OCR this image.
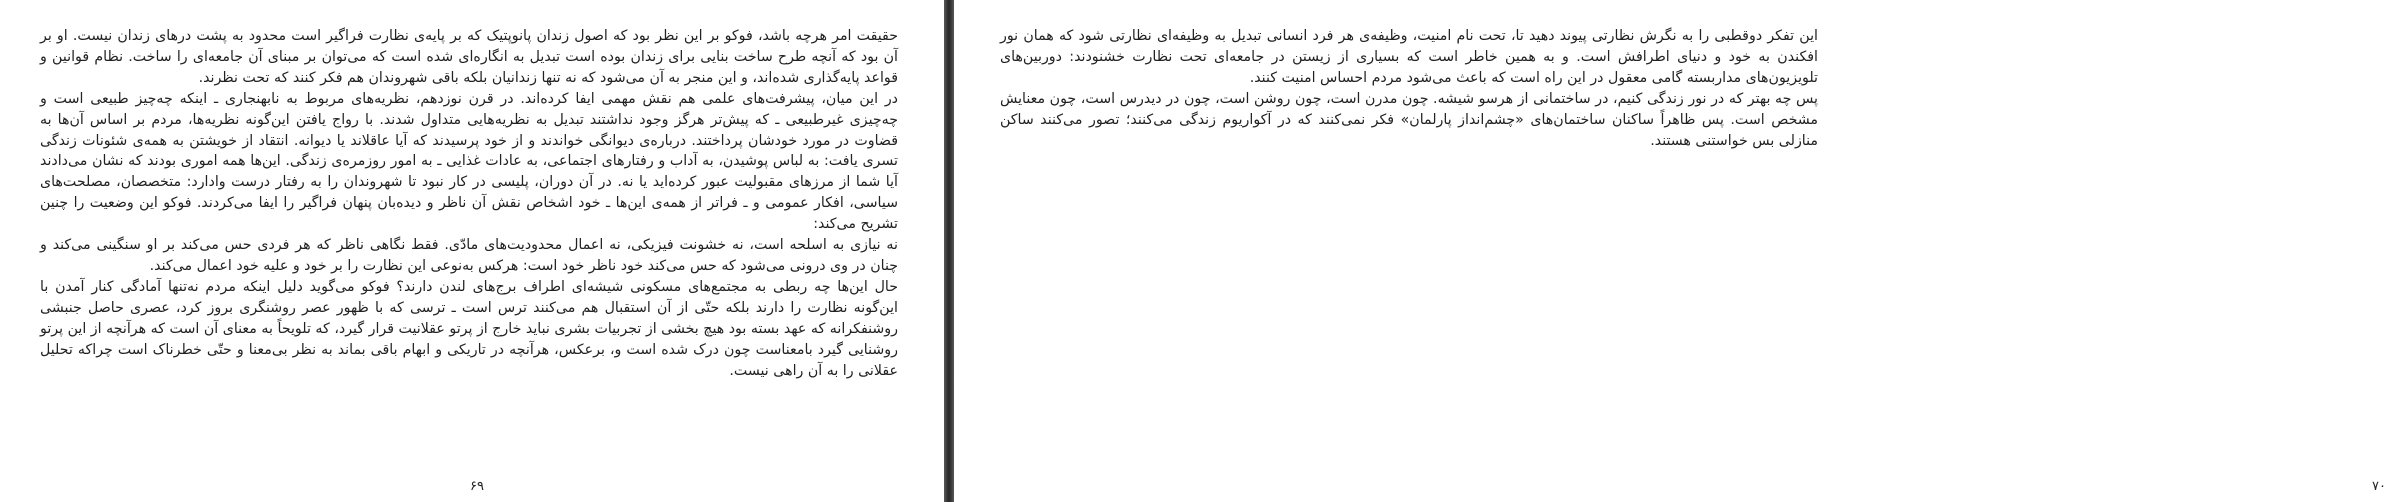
حقیقت امر هرچه باشد، فوکو بر این نظر بود که اصول زندان پانوپتیک که بر پایه‌ی نظارت فراگیر است محدود به پشت درهای زندان نیست. او بر آن بود که آنچه طرح ساخت بنایی برای زندان بوده است تبدیل به انگاره‌ای شده است که می‌توان بر مبنای آن جامعه‌ای را ساخت. نظام قوانین و قواعد پایه‌گذاری شده‌اند، و این منجر به آن می‌شود که نه تنها زندانیان بلکه باقی شهروندان هم فکر کنند که تحت نظرند.

در این میان، پیشرفت‌های علمی هم نقش مهمی ایفا کرده‌اند. در قرن نوزدهم، نظریه‌های مربوط به نابهنجاری ـ اینکه چه‌چیز طبیعی است و چه‌چیزی غیرطبیعی ـ که پیش‌تر هرگز وجود نداشتند تبدیل به نظریه‌هایی متداول شدند. با رواج یافتن این‌گونه نظریه‌ها، مردم بر اساس آن‌ها به قضاوت در مورد خودشان پرداختند. درباره‌ی دیوانگی خواندند و از خود پرسیدند که آیا عاقلاند یا دیوانه. انتقاد از خویشتن به همه‌ی شئونات زندگی تسری یافت: به لباس پوشیدن، به آداب و رفتارهای اجتماعی، به عادات غذایی ـ به امور روزمره‌ی زندگی. این‌ها همه اموری بودند که نشان می‌دادند آیا شما از مرزهای مقبولیت عبور کرده‌اید یا نه. در آن دوران، پلیسی در کار نبود تا شهروندان را به رفتار درست وادارد: متخصصان، مصلحت‌های سیاسی، افکار عمومی و ـ فراتر از همه‌ی این‌ها ـ خود اشخاص نقش آن ناظر و دیده‌بان پنهان فراگیر را ایفا می‌کردند. فوکو این وضعیت را چنین تشریح می‌کند:

نه نیازی به اسلحه است، نه خشونت فیزیکی، نه اعمال محدودیت‌های مادّی. فقط نگاهی ناظر که هر فردی حس می‌کند بر او سنگینی می‌کند و چنان در وی درونی می‌شود که حس می‌کند خود ناظر خود است: هرکس به‌نوعی این نظارت را بر خود و علیه خود اعمال می‌کند.

حال این‌ها چه ربطی به مجتمع‌های مسکونی شیشه‌ای اطراف برج‌های لندن دارند؟ فوکو می‌گوید دلیل اینکه مردم نه‌تنها آمادگی کنار آمدن با این‌گونه نظارت را دارند بلکه حتّی از آن استقبال هم می‌کنند ترس است ـ ترسی که با ظهور عصر روشنگری بروز کرد، عصری حاصل جنبشی روشنفکرانه که عهد بسته بود هیچ بخشی از تجربیات بشری نباید خارج از پرتو عقلانیت قرار گیرد، که تلویحاً به معنای آن است که هرآنچه از این پرتو روشنایی گیرد بامعناست چون درک شده است و، برعکس، هرآنچه در تاریکی و ابهام باقی بماند به نظر بی‌معنا و حتّی خطرناک است چراکه تحلیل عقلانی را به آن راهی نیست.

۶۹

این تفکر دوقطبی را به نگرش نظارتی پیوند دهید تا، تحت نام امنیت، وظیفه‌ی هر فرد انسانی تبدیل به وظیفه‌ای نظارتی شود که همان نور افکندن به خود و دنیای اطرافش است. و به همین خاطر است که بسیاری از زیستن در جامعه‌ای تحت نظارت خشنودند: دوربین‌های تلویزیون‌های مداربسته گامی معقول در این راه است که باعث می‌شود مردم احساس امنیت کنند.

پس چه بهتر که در نور زندگی کنیم، در ساختمانی از هرسو شیشه. چون مدرن است، چون روشن است، چون در دیدرس است، چون معنایش مشخص است. پس ظاهراً ساکنان ساختمان‌های «چشم‌انداز پارلمان» فکر نمی‌کنند که در آکواریوم زندگی می‌کنند؛ تصور می‌کنند ساکن منازلی بس خواستنی هستند.

۷۰
